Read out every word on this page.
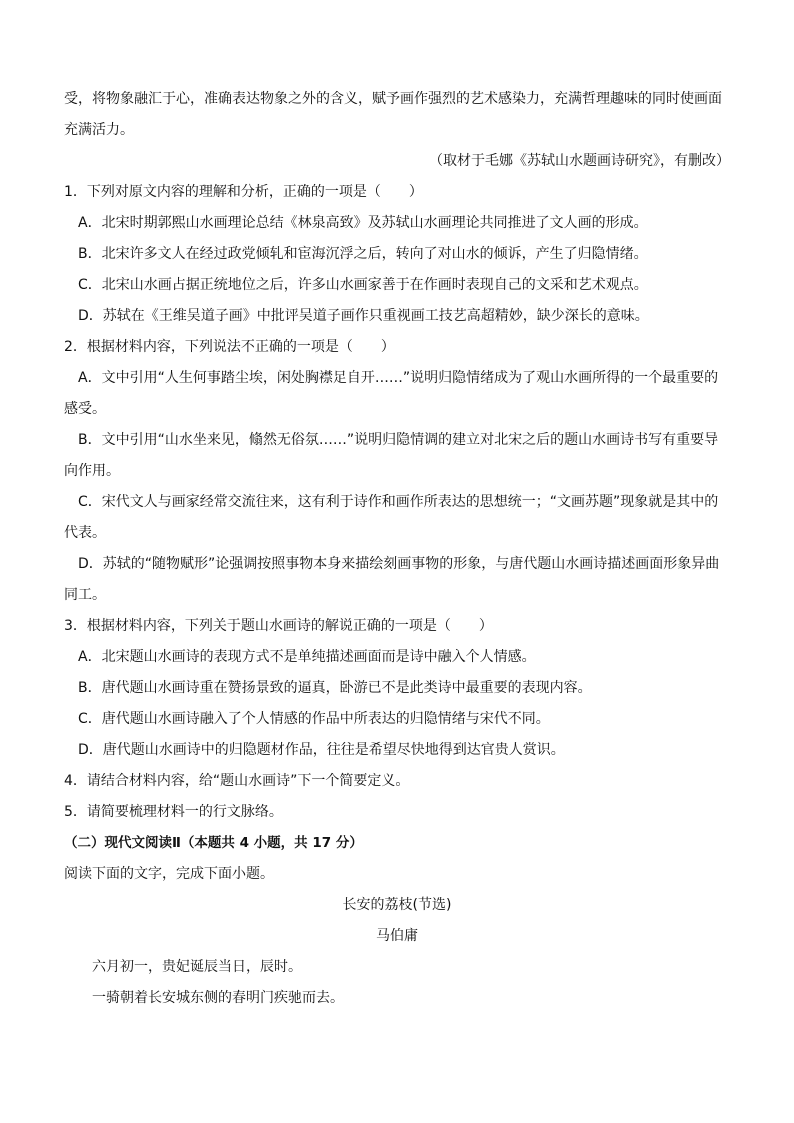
受，将物象融汇于心，准确表达物象之外的含义，赋予画作强烈的艺术感染力，充满哲理趣味的同时使画面充满活力。

（取材于毛娜《苏轼山水题画诗研究》，有删改）

1．下列对原文内容的理解和分析，正确的一项是（　　）

A．北宋时期郭熙山水画理论总结《林泉高致》及苏轼山水画理论共同推进了文人画的形成。

B．北宋许多文人在经过政党倾轧和宦海沉浮之后，转向了对山水的倾诉，产生了归隐情绪。

C．北宋山水画占据正统地位之后，许多山水画家善于在作画时表现自己的文采和艺术观点。

D．苏轼在《王维吴道子画》中批评吴道子画作只重视画工技艺高超精妙，缺少深长的意味。

2．根据材料内容，下列说法不正确的一项是（　　）

A．文中引用“人生何事踏尘埃，闲处胸襟足自开……”说明归隐情绪成为了观山水画所得的一个最重要的感受。

B．文中引用“山水坐来见，翛然无俗氛……”说明归隐情调的建立对北宋之后的题山水画诗书写有重要导向作用。

C．宋代文人与画家经常交流往来，这有利于诗作和画作所表达的思想统一；“文画苏题”现象就是其中的代表。

D．苏轼的“随物赋形”论强调按照事物本身来描绘刻画事物的形象，与唐代题山水画诗描述画面形象异曲同工。

3．根据材料内容，下列关于题山水画诗的解说正确的一项是（　　）

A．北宋题山水画诗的表现方式不是单纯描述画面而是诗中融入个人情感。

B．唐代题山水画诗重在赞扬景致的逼真，卧游已不是此类诗中最重要的表现内容。

C．唐代题山水画诗融入了个人情感的作品中所表达的归隐情绪与宋代不同。

D．唐代题山水画诗中的归隐题材作品，往往是希望尽快地得到达官贵人赏识。

4．请结合材料内容，给“题山水画诗”下一个简要定义。

5．请简要梳理材料一的行文脉络。

（二）现代文阅读Ⅱ（本题共 4 小题，共 17 分）

阅读下面的文字，完成下面小题。

长安的荔枝(节选)

马伯庸

六月初一，贵妃诞辰当日，辰时。

一骑朝着长安城东侧的春明门疾驰而去。
